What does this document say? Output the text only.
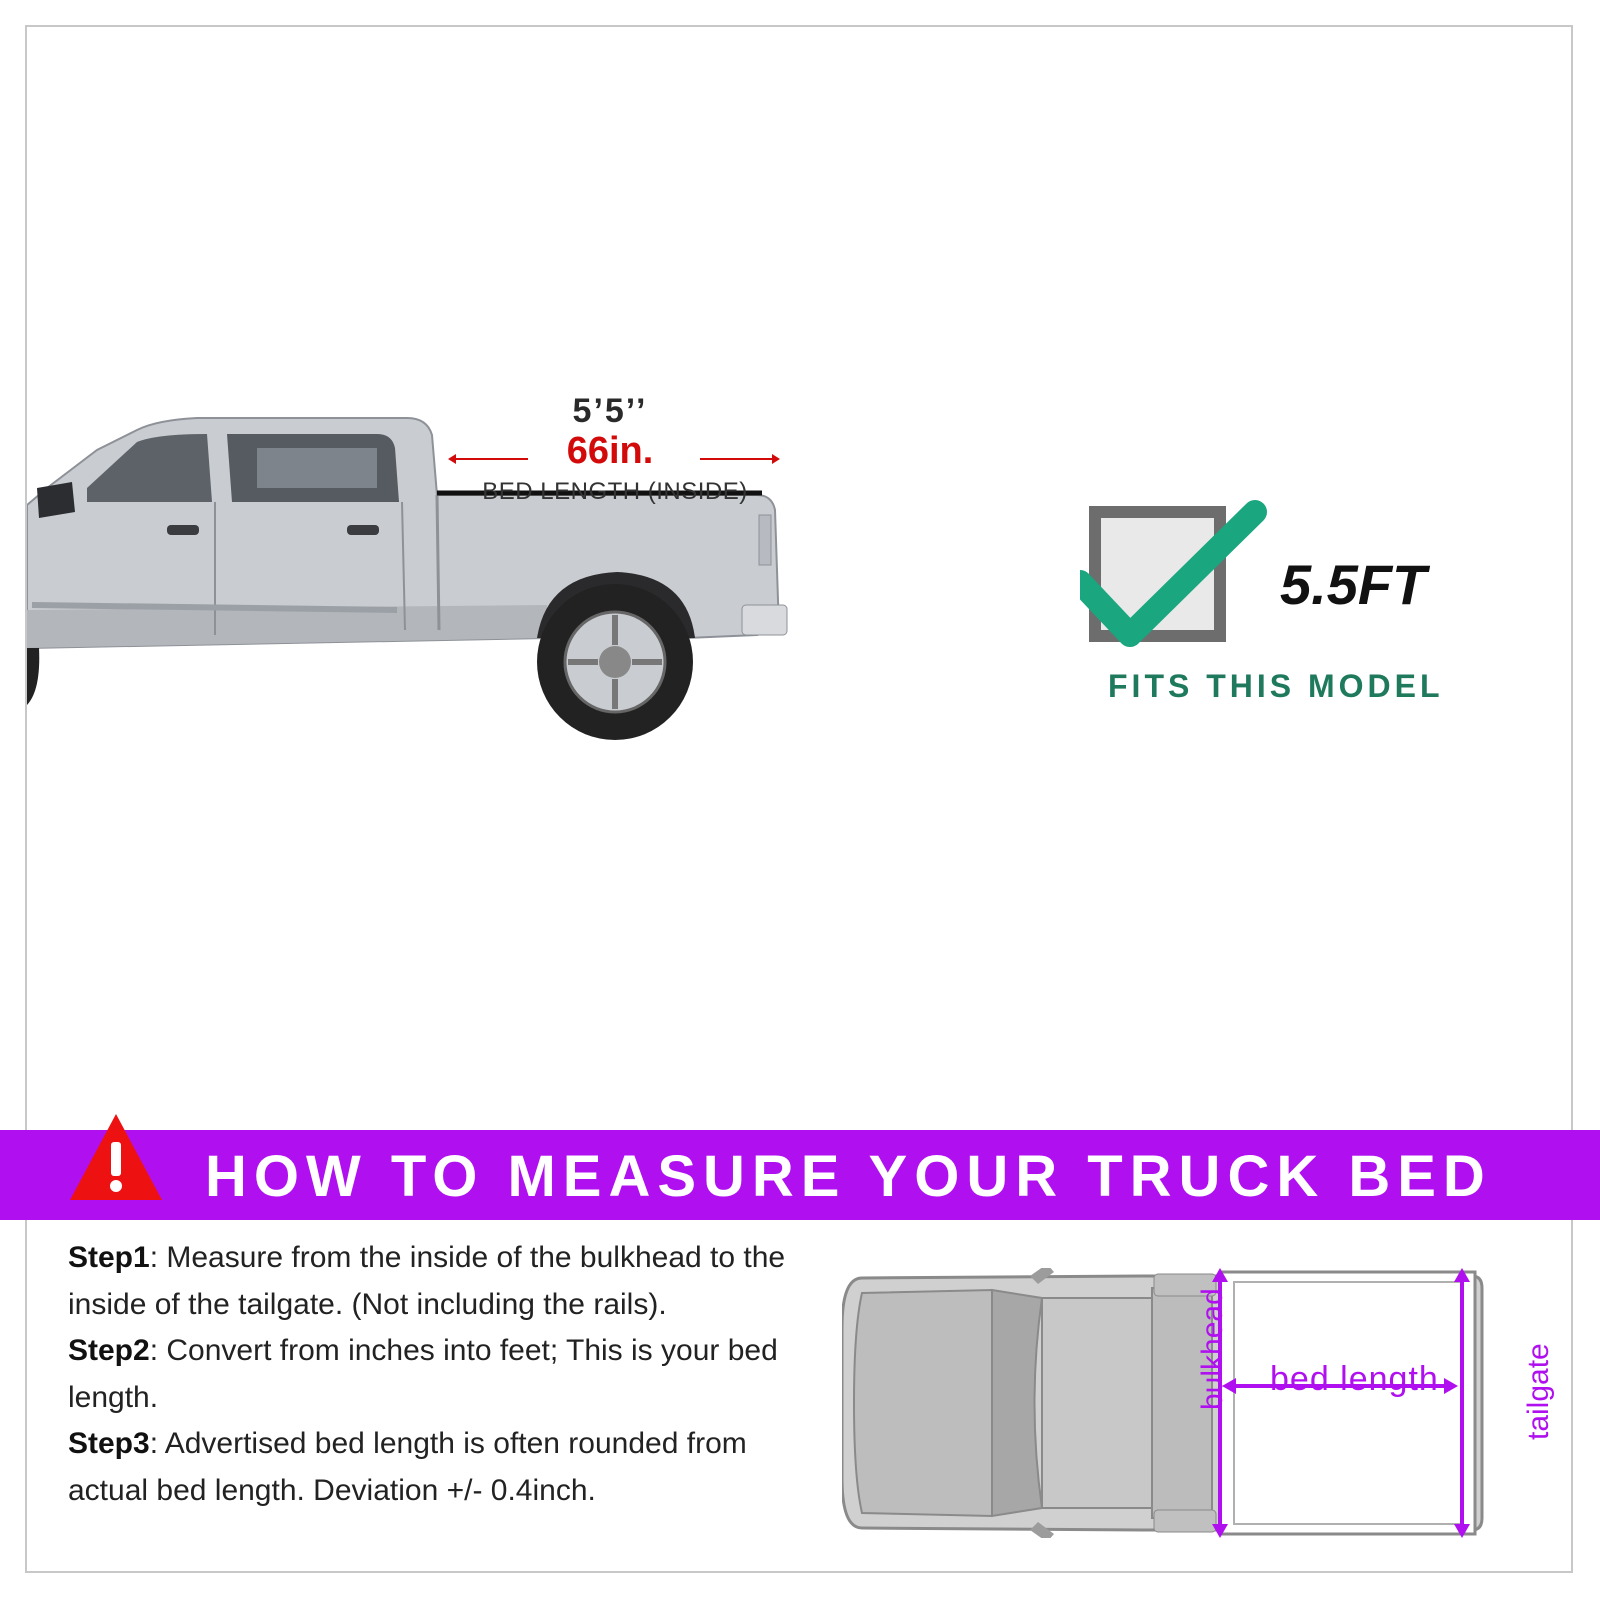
5’5’’
66in.
BED LENGTH (INSIDE)
5.5FT
FITS THIS MODEL
HOW TO MEASURE YOUR TRUCK BED

Step1: Measure from the inside of the bulkhead to the inside of the tailgate. (Not including the rails).

Step2: Convert from inches into feet; This is your bed length.

Step3: Advertised bed length is often rounded from actual bed length. Deviation +/- 0.4inch.

bed length
bulkhead	tailgate
